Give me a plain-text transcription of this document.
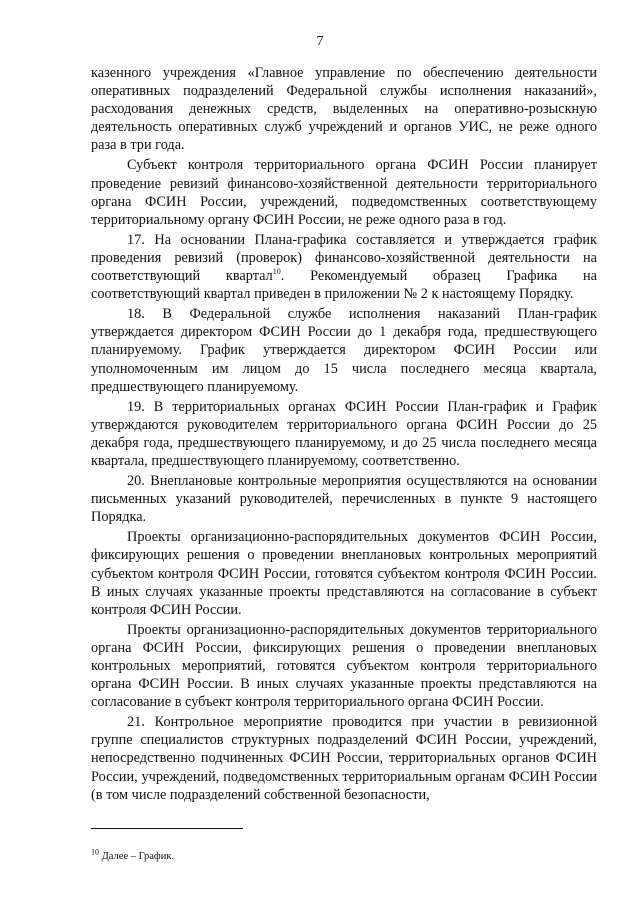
7

казенного учреждения «Главное управление по обеспечению деятельности оперативных подразделений Федеральной службы исполнения наказаний», расходования денежных средств, выделенных на оперативно-розыскную деятельность оперативных служб учреждений и органов УИС, не реже одного раза в три года.

Субъект контроля территориального органа ФСИН России планирует проведение ревизий финансово-хозяйственной деятельности территориального органа ФСИН России, учреждений, подведомственных соответствующему территориальному органу ФСИН России, не реже одного раза в год.

17. На основании Плана-графика составляется и утверждается график проведения ревизий (проверок) финансово-хозяйственной деятельности на соответствующий квартал$^{10}$. Рекомендуемый образец Графика на соответствующий квартал приведен в приложении № 2 к настоящему Порядку.

18. В Федеральной службе исполнения наказаний План-график утверждается директором ФСИН России до 1 декабря года, предшествующего планируемому. График утверждается директором ФСИН России или уполномоченным им лицом до 15 числа последнего месяца квартала, предшествующего планируемому.

19. В территориальных органах ФСИН России План-график и График утверждаются руководителем территориального органа ФСИН России до 25 декабря года, предшествующего планируемому, и до 25 числа последнего месяца квартала, предшествующего планируемому, соответственно.

20. Внеплановые контрольные мероприятия осуществляются на основании письменных указаний руководителей, перечисленных в пункте 9 настоящего Порядка.

Проекты организационно-распорядительных документов ФСИН России, фиксирующих решения о проведении внеплановых контрольных мероприятий субъектом контроля ФСИН России, готовятся субъектом контроля ФСИН России. В иных случаях указанные проекты представляются на согласование в субъект контроля ФСИН России.

Проекты организационно-распорядительных документов территориального органа ФСИН России, фиксирующих решения о проведении внеплановых контрольных мероприятий, готовятся субъектом контроля территориального органа ФСИН России. В иных случаях указанные проекты представляются на согласование в субъект контроля территориального органа ФСИН России.

21. Контрольное мероприятие проводится при участии в ревизионной группе специалистов структурных подразделений ФСИН России, учреждений, непосредственно подчиненных ФСИН России, территориальных органов ФСИН России, учреждений, подведомственных территориальным органам ФСИН России (в том числе подразделений собственной безопасности,

$^{10}$ Далее – График.
